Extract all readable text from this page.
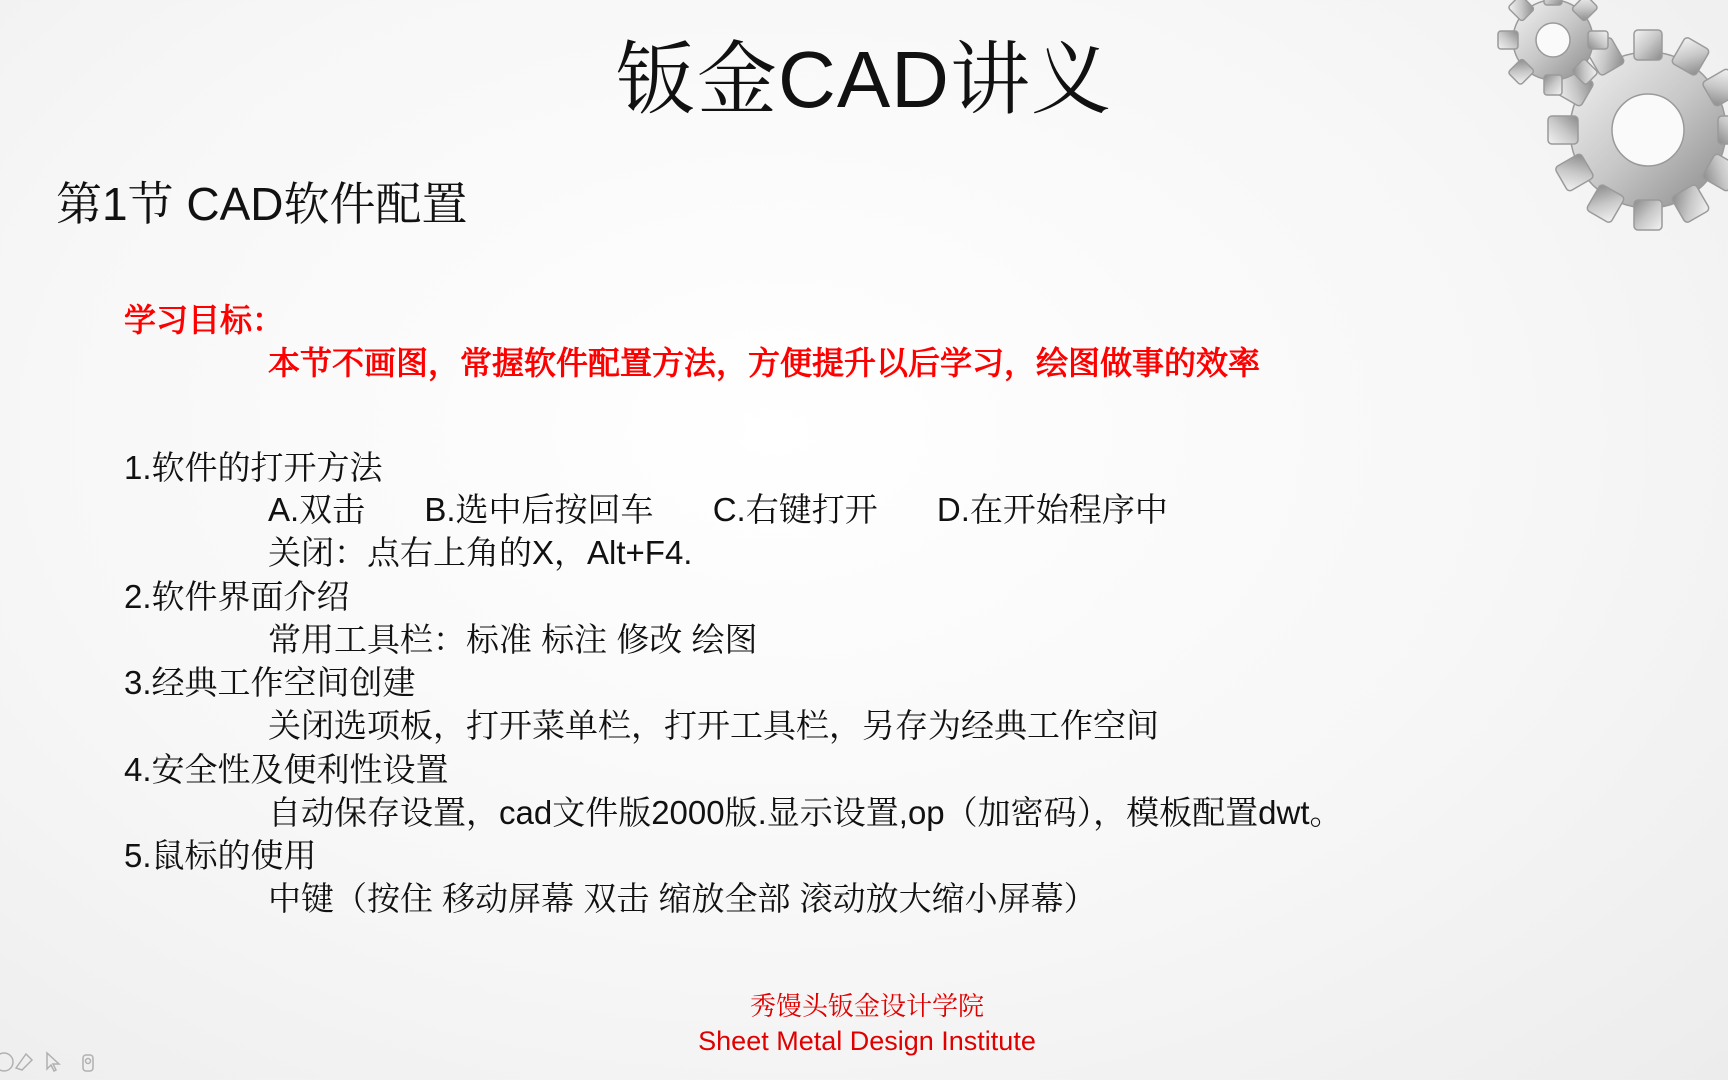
钣金CAD讲义
第1节 CAD软件配置
学习目标：
本节不画图，常握软件配置方法，方便提升以后学习，绘图做事的效率
1.软件的打开方法
A.双击 B.选中后按回车 C.右键打开 D.在开始程序中
关闭：点右上角的X，Alt+F4.
2.软件界面介绍
常用工具栏：标准 标注 修改 绘图
3.经典工作空间创建
关闭选项板，打开菜单栏，打开工具栏，另存为经典工作空间
4.安全性及便利性设置
自动保存设置，cad文件版2000版.显示设置,op（加密码），模板配置dwt。
5.鼠标的使用
中键（按住 移动屏幕 双击 缩放全部 滚动放大缩小屏幕）
秀馒头钣金设计学院
Sheet Metal Design Institute
